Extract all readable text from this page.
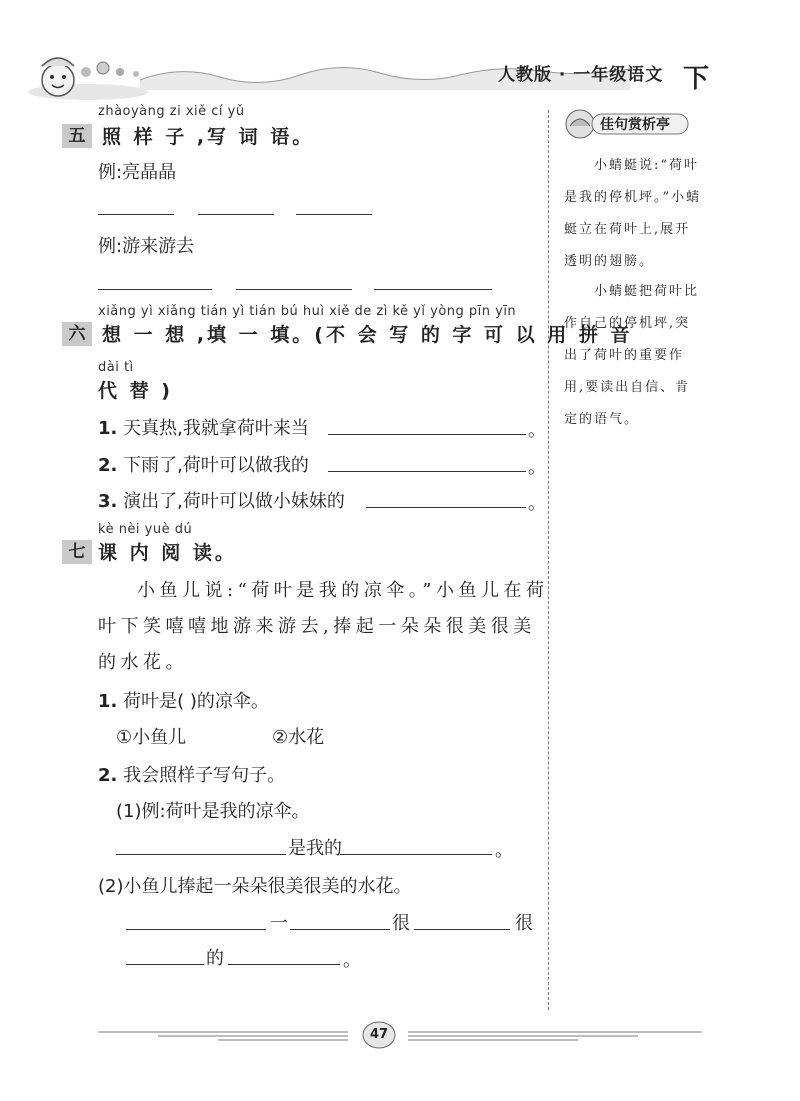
人教版 · 一年级语文 下
zhàoyàng zi xiě cí yǔ
五 照 样 子 ,写 词 语。
例:亮晶晶
例:游来游去
xiǎng yì xiǎng tián yì tián bú huì xiě de zì kě yǐ yòng pīn yīn
六 想 一 想 ,填 一 填。(不 会 写 的 字 可 以 用 拼 音
dài tì
代 替 )
1. 天真热,我就拿荷叶来当	。
2. 下雨了,荷叶可以做我的	。
3. 演出了,荷叶可以做小妹妹的	。
kè nèi yuè dú
七 课 内 阅 读。
小鱼儿说:“荷叶是我的凉伞。”小鱼儿在荷
叶下笑嘻嘻地游来游去,捧起一朵朵很美很美
的水花。
1. 荷叶是( )的凉伞。
①小鱼儿	②水花
2. 我会照样子写句子。
(1)例:荷叶是我的凉伞。
是我的	。
(2)小鱼儿捧起一朵朵很美很美的水花。
一	很	很
的	。
佳句赏析亭
小蜻蜓说:“荷叶是我的停机坪。”小蜻蜓立在荷叶上,展开透明的翅膀。
小蜻蜓把荷叶比作自己的停机坪,突出了荷叶的重要作用,要读出自信、肯定的语气。
47
